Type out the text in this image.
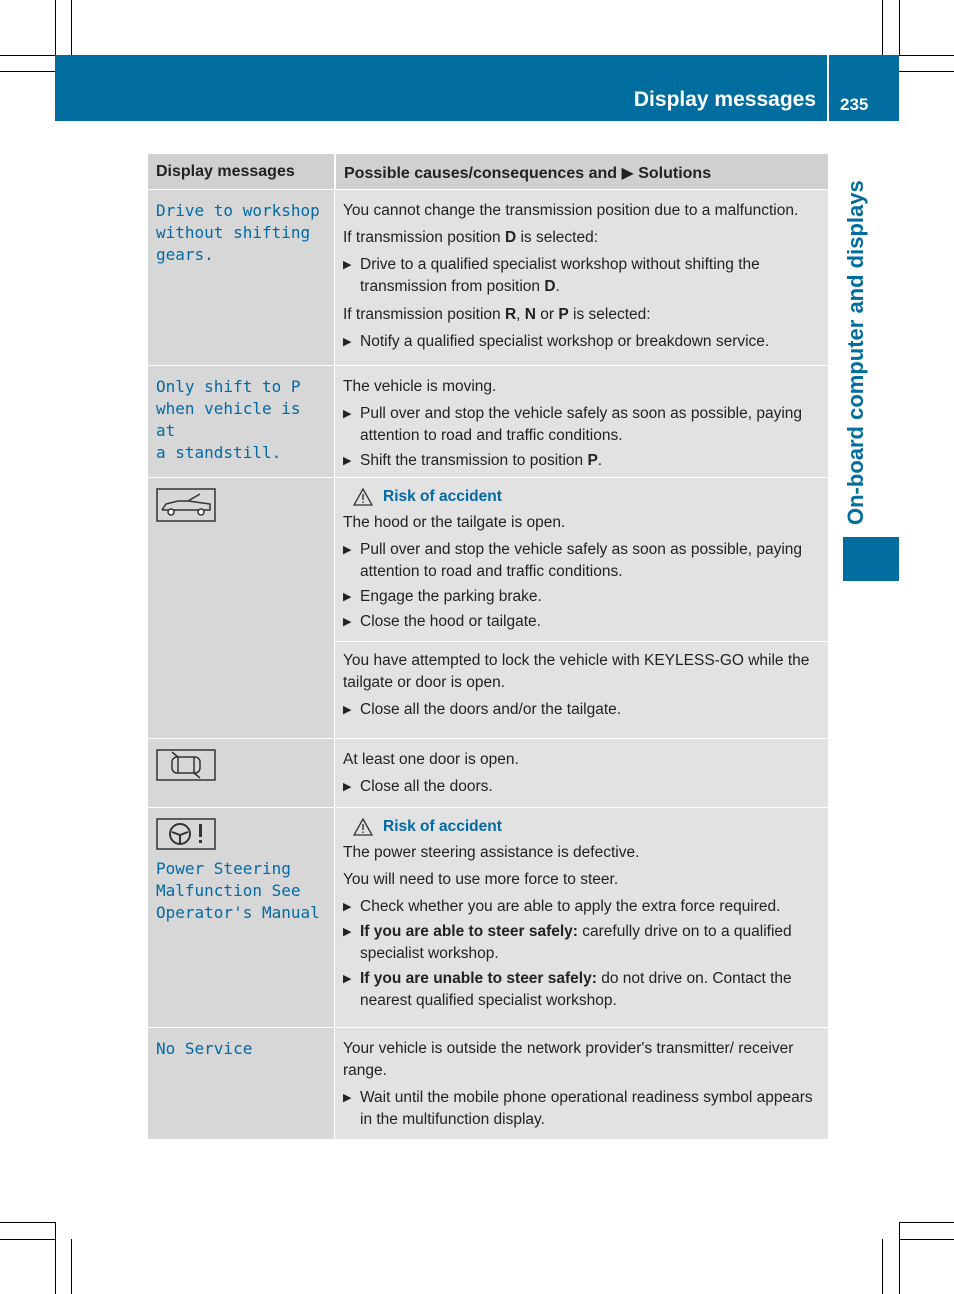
Display messages 235
On-board computer and displays
Display messages	Possible causes/consequences and ▶ Solutions
Drive to workshop
without shifting
gears.

You cannot change the transmission position due to a malfunction.

If transmission position D is selected:

▶ Drive to a qualified specialist workshop without shifting the transmission from position D.

If transmission position R, N or P is selected:

▶ Notify a qualified specialist workshop or breakdown service.
Only shift to P
when vehicle is at
a standstill.

The vehicle is moving.

▶ Pull over and stop the vehicle safely as soon as possible, paying attention to road and traffic conditions.
▶ Shift the transmission to position P.
Risk of accident

The hood or the tailgate is open.

▶ Pull over and stop the vehicle safely as soon as possible, paying attention to road and traffic conditions.
▶ Engage the parking brake.
▶ Close the hood or tailgate.

You have attempted to lock the vehicle with KEYLESS-GO while the tailgate or door is open.

▶ Close all the doors and/or the tailgate.

At least one door is open.

▶ Close all the doors.
Power Steering
Malfunction See
Operator's Manual
Risk of accident

The power steering assistance is defective.

You will need to use more force to steer.

▶ Check whether you are able to apply the extra force required.
▶ If you are able to steer safely: carefully drive on to a qualified specialist workshop.
▶ If you are unable to steer safely: do not drive on. Contact the nearest qualified specialist workshop.
No Service	Your vehicle is outside the network provider's transmitter/ receiver range.

▶ Wait until the mobile phone operational readiness symbol appears in the multifunction display.
